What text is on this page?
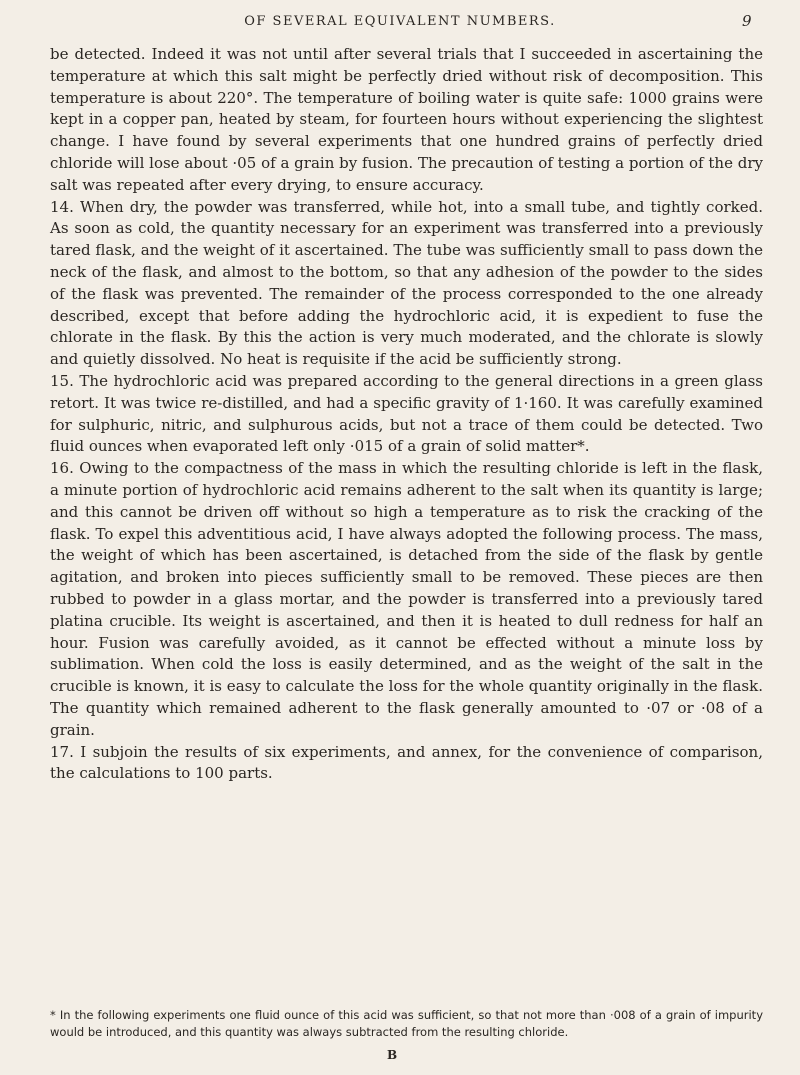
OF SEVERAL EQUIVALENT NUMBERS.	9

be detected. Indeed it was not until after several trials that I succeeded in ascertaining the temperature at which this salt might be perfectly dried without risk of decomposition. This temperature is about 220°. The temperature of boiling water is quite safe: 1000 grains were kept in a copper pan, heated by steam, for fourteen hours without experiencing the slightest change. I have found by several experiments that one hundred grains of perfectly dried chloride will lose about ·05 of a grain by fusion. The precaution of testing a portion of the dry salt was repeated after every drying, to ensure accuracy.

14. When dry, the powder was transferred, while hot, into a small tube, and tightly corked. As soon as cold, the quantity necessary for an experiment was transferred into a previously tared flask, and the weight of it ascertained. The tube was sufficiently small to pass down the neck of the flask, and almost to the bottom, so that any adhesion of the powder to the sides of the flask was prevented. The remainder of the process corresponded to the one already described, except that before adding the hydrochloric acid, it is expedient to fuse the chlorate in the flask. By this the action is very much moderated, and the chlorate is slowly and quietly dissolved. No heat is requisite if the acid be sufficiently strong.

15. The hydrochloric acid was prepared according to the general directions in a green glass retort. It was twice re-distilled, and had a specific gravity of 1·160. It was carefully examined for sulphuric, nitric, and sulphurous acids, but not a trace of them could be detected. Two fluid ounces when evaporated left only ·015 of a grain of solid matter*.

16. Owing to the compactness of the mass in which the resulting chloride is left in the flask, a minute portion of hydrochloric acid remains adherent to the salt when its quantity is large; and this cannot be driven off without so high a temperature as to risk the cracking of the flask. To expel this adventitious acid, I have always adopted the following process. The mass, the weight of which has been ascertained, is detached from the side of the flask by gentle agitation, and broken into pieces sufficiently small to be removed. These pieces are then rubbed to powder in a glass mortar, and the powder is transferred into a previously tared platina crucible. Its weight is ascertained, and then it is heated to dull redness for half an hour. Fusion was carefully avoided, as it cannot be effected without a minute loss by sublimation. When cold the loss is easily determined, and as the weight of the salt in the crucible is known, it is easy to calculate the loss for the whole quantity originally in the flask. The quantity which remained adherent to the flask generally amounted to ·07 or ·08 of a grain.

17. I subjoin the results of six experiments, and annex, for the convenience of comparison, the calculations to 100 parts.

* In the following experiments one fluid ounce of this acid was sufficient, so that not more than ·008 of a grain of impurity would be introduced, and this quantity was always subtracted from the resulting chloride.

B
